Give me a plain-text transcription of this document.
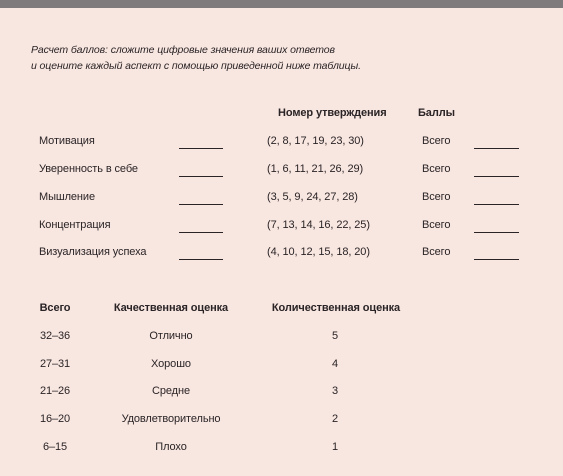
Расчет баллов: сложите цифровые значения ваших ответов
и оцените каждый аспект с помощью приведенной ниже таблицы.
Номер утверждения	Баллы
Мотивация	(2, 8, 17, 19, 23, 30)	Всего
Уверенность в себе	(1, 6, 11, 21, 26, 29)	Всего
Мышление	(3, 5, 9, 24, 27, 28)	Всего
Концентрация	(7, 13, 14, 16, 22, 25)	Всего
Визуализация успеха	(4, 10, 12, 15, 18, 20)	Всего
Всего	Качественная оценка	Количественная оценка
32–36	Отлично	5
27–31	Хорошо	4
21–26	Средне	3
16–20	Удовлетворительно	2
6–15	Плохо	1
